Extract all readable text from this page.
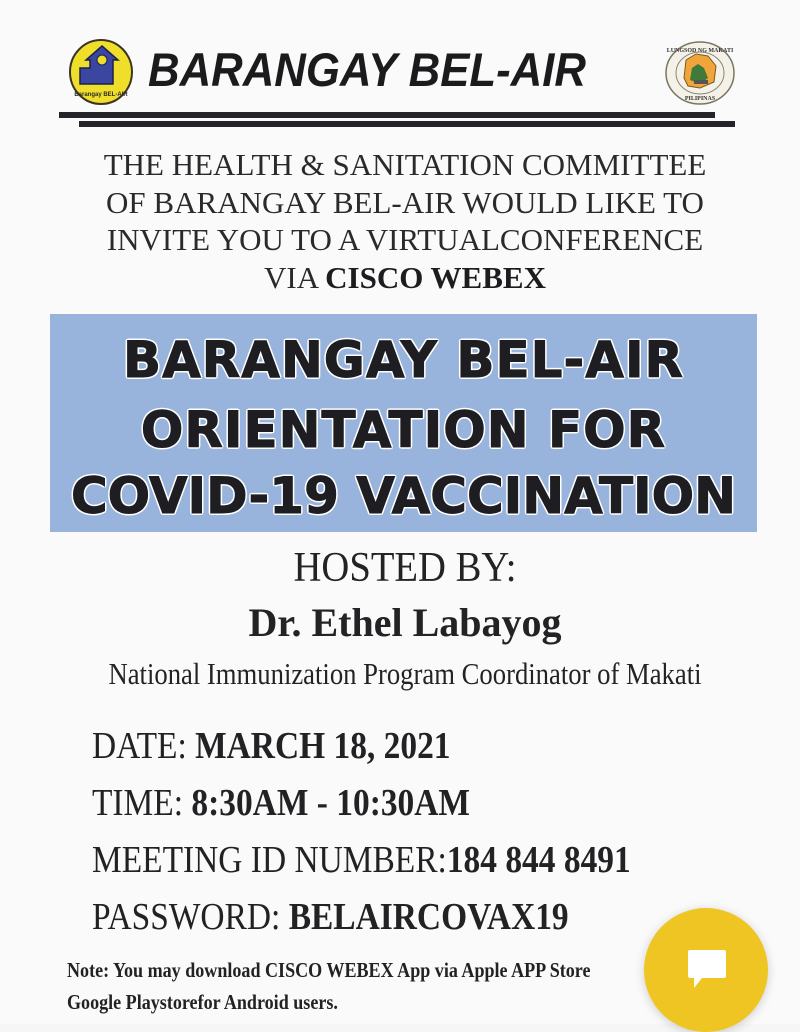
Barangay BEL-AIR BARANGAY BEL-AIR	LUNGSOD NG MAKATI
PILIPINAS
THE HEALTH & SANITATION COMMITTEE
OF BARANGAY BEL-AIR WOULD LIKE TO
INVITE YOU TO A VIRTUALCONFERENCE
VIA CISCO WEBEX
BARANGAY BEL-AIR
ORIENTATION FOR
COVID-19 VACCINATION
HOSTED BY:
Dr. Ethel Labayog
National Immunization Program Coordinator of Makati
DATE: MARCH 18, 2021
TIME: 8:30AM - 10:30AM
MEETING ID NUMBER:184 844 8491
PASSWORD: BELAIRCOVAX19
Note: You may download CISCO WEBEX App via Apple APP Store
Google Playstorefor Android users.
